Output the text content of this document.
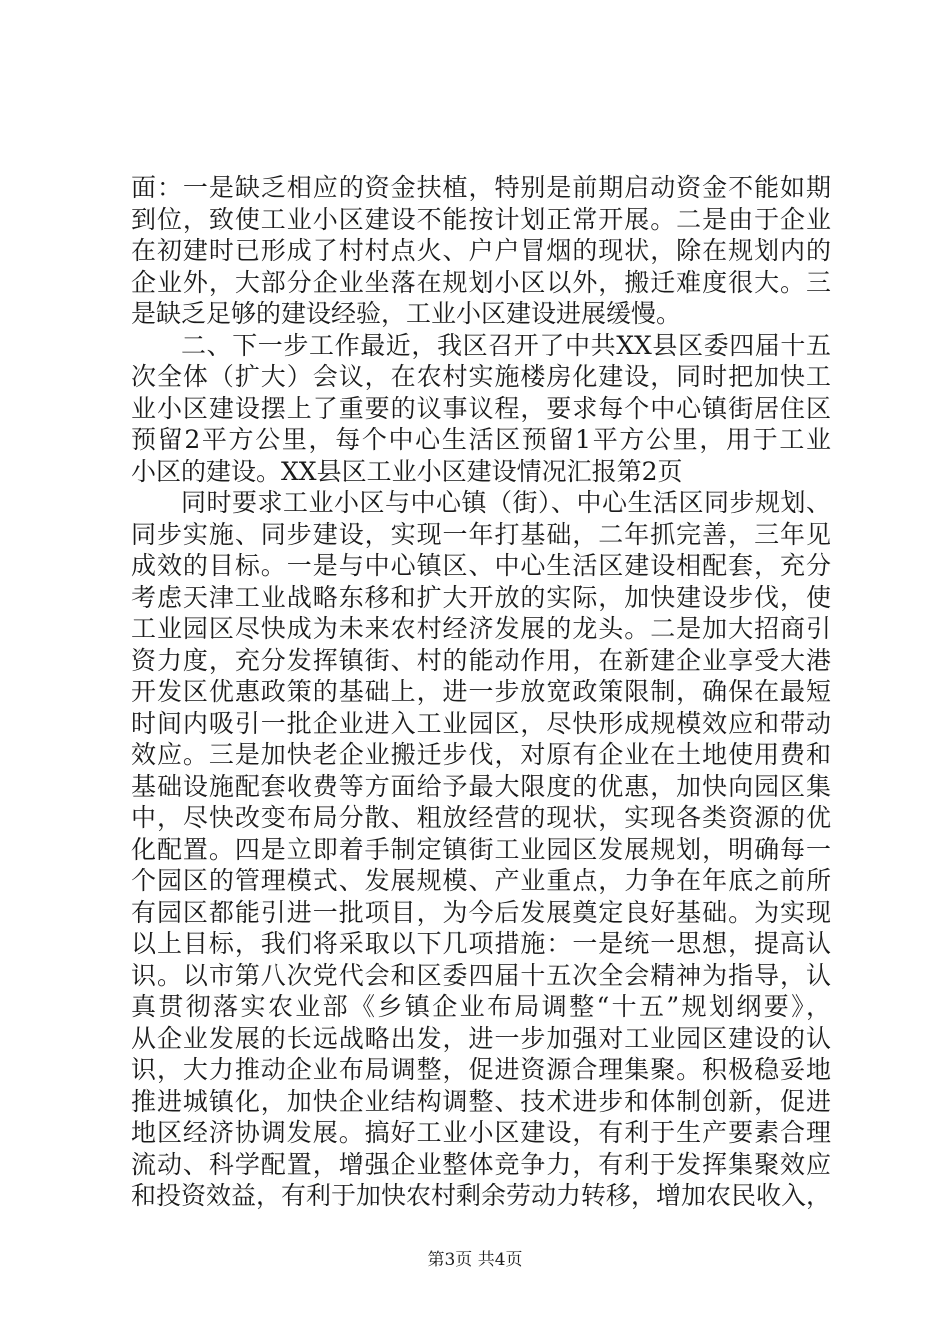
面：一是缺乏相应的资金扶植，特别是前期启动资金不能如期
到位，致使工业小区建设不能按计划正常开展。二是由于企业
在初建时已形成了村村点火、户户冒烟的现状，除在规划内的
企业外，大部分企业坐落在规划小区以外，搬迁难度很大。三
是缺乏足够的建设经验，工业小区建设进展缓慢。
二、下一步工作最近，我区召开了中共XX县区委四届十五
次全体（扩大）会议，在农村实施楼房化建设，同时把加快工
业小区建设摆上了重要的议事议程，要求每个中心镇街居住区
预留2平方公里，每个中心生活区预留1平方公里，用于工业
小区的建设。XX县区工业小区建设情况汇报第2页
同时要求工业小区与中心镇（街）、中心生活区同步规划、
同步实施、同步建设，实现一年打基础，二年抓完善，三年见
成效的目标。一是与中心镇区、中心生活区建设相配套，充分
考虑天津工业战略东移和扩大开放的实际，加快建设步伐，使
工业园区尽快成为未来农村经济发展的龙头。二是加大招商引
资力度，充分发挥镇街、村的能动作用，在新建企业享受大港
开发区优惠政策的基础上，进一步放宽政策限制，确保在最短
时间内吸引一批企业进入工业园区，尽快形成规模效应和带动
效应。三是加快老企业搬迁步伐，对原有企业在土地使用费和
基础设施配套收费等方面给予最大限度的优惠，加快向园区集
中，尽快改变布局分散、粗放经营的现状，实现各类资源的优
化配置。四是立即着手制定镇街工业园区发展规划，明确每一
个园区的管理模式、发展规模、产业重点，力争在年底之前所
有园区都能引进一批项目，为今后发展奠定良好基础。为实现
以上目标，我们将采取以下几项措施：一是统一思想，提高认
识。以市第八次党代会和区委四届十五次全会精神为指导，认
真贯彻落实农业部《乡镇企业布局调整“十五”规划纲要》，
从企业发展的长远战略出发，进一步加强对工业园区建设的认
识，大力推动企业布局调整，促进资源合理集聚。积极稳妥地
推进城镇化，加快企业结构调整、技术进步和体制创新，促进
地区经济协调发展。搞好工业小区建设，有利于生产要素合理
流动、科学配置，增强企业整体竞争力，有利于发挥集聚效应
和投资效益，有利于加快农村剩余劳动力转移，增加农民收入，
第3页 共4页
